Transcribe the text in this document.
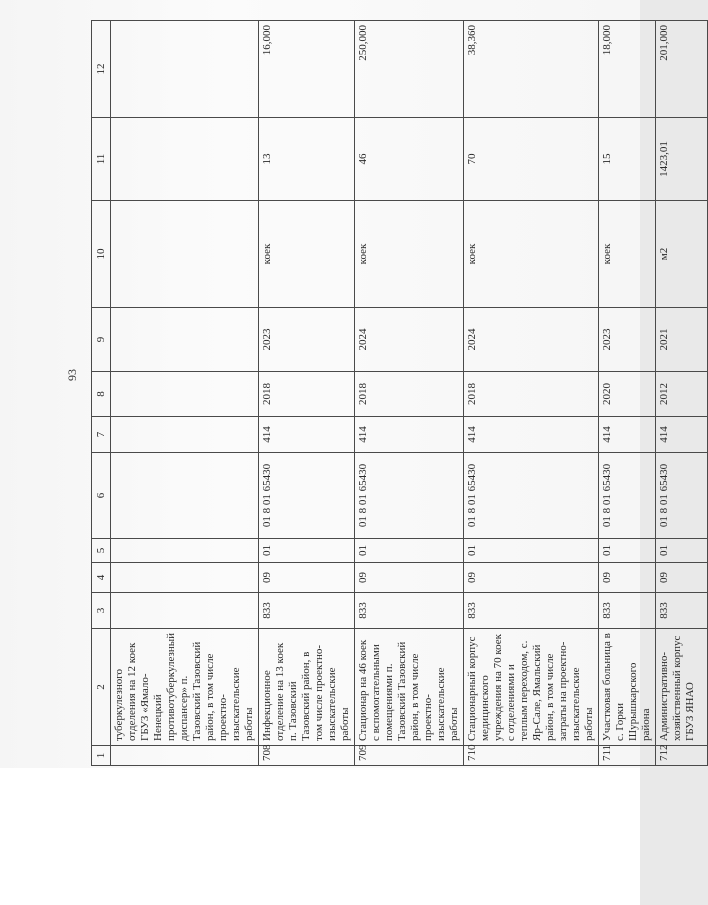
93
1	2	3	4	5	6	7	8	9	10	11	12
	туберкулезного отделения на 12 коек ГБУЗ «Ямало-Ненецкий противотуберкулезный диспансер» п. Тазовский Тазовский район, в том числе проектно-изыскательские работы										
708	Инфекционное отделение на 13 коек п. Тазовский Тазовский район, в том числе проектно-изыскательские работы	833	09	01	01 8 01 65430	414	2018	2023	коек	13	16,000
709	Стационар на 46 коек с вспомогательными помещениями п. Тазовский Тазовский район, в том числе проектно-изыскательские работы	833	09	01	01 8 01 65430	414	2018	2024	коек	46	250,000
710	Стационарный корпус медицинского учреждения на 70 коек с отделениями и теплым переходом, с. Яр-Сале, Ямальский район, в том числе затраты на проектно-изыскательские работы	833	09	01	01 8 01 65430	414	2018	2024	коек	70	38,360
711	Участковая больница в с. Горки Шурышкарского района	833	09	01	01 8 01 65430	414	2020	2023	коек	15	18,000
712	Административно-хозяйственный корпус ГБУЗ ЯНАО	833	09	01	01 8 01 65430	414	2012	2021	м2	1423,01	201,000
